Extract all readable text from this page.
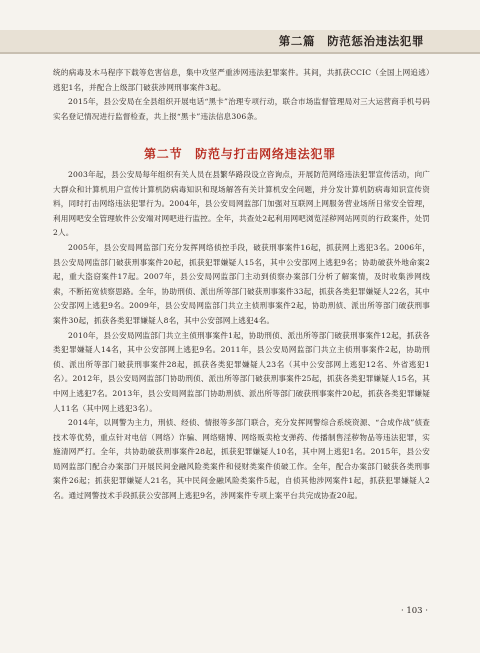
第二篇　防范惩治违法犯罪

统的病毒及木马程序下载等危害信息，集中攻坚严重涉网违法犯罪案件。其间，共抓获CCIC（全国上网追逃）逃犯1名，并配合上级部门破获涉网刑事案件3起。

2015年，县公安局在全县组织开展电话“黑卡”治理专项行动，联合市场监督管理局对三大运营商手机号码实名登记情况进行监督检查，共上报“黑卡”违法信息306条。

第二节　防范与打击网络违法犯罪

2003年起，县公安局每年组织有关人员在县繁华路段设立咨询点，开展防范网络违法犯罪宣传活动，向广大群众和计算机用户宣传计算机防病毒知识和现场解答有关计算机安全问题，并分发计算机防病毒知识宣传资料，同时打击网络违法犯罪行为。2004年，县公安局网监部门加强对互联网上网服务营业场所日常安全管理，利用网吧安全管理软件公安端对网吧进行监控。全年，共查处2起利用网吧浏览淫秽网站网页的行政案件，处罚2人。

2005年，县公安局网监部门充分发挥网络侦控手段，破获刑事案件16起，抓获网上逃犯3名。2006年，县公安局网监部门破获刑事案件20起，抓获犯罪嫌疑人15名，其中公安部网上逃犯9名；协助破获外地命案2起，重大盗窃案件17起。2007年，县公安局网监部门主动到侦察办案部门分析了解案情，及时收集涉网线索，不断拓宽侦察思路。全年，协助刑侦、派出所等部门破获刑事案件33起，抓获各类犯罪嫌疑人22名，其中公安部网上逃犯9名。2009年，县公安局网监部门共立主侦刑事案件2起，协助刑侦、派出所等部门破获刑事案件30起，抓获各类犯罪嫌疑人8名，其中公安部网上逃犯4名。

2010年，县公安局网监部门共立主侦刑事案件1起，协助刑侦、派出所等部门破获刑事案件12起，抓获各类犯罪嫌疑人14名，其中公安部网上逃犯9名。2011年，县公安局网监部门共立主侦刑事案件2起，协助刑侦、派出所等部门破获刑事案件28起，抓获各类犯罪嫌疑人23名（其中公安部网上逃犯12名、外省逃犯1名）。2012年，县公安局网监部门协助刑侦、派出所等部门破获刑事案件25起，抓获各类犯罪嫌疑人15名，其中网上逃犯7名。2013年，县公安局网监部门协助刑侦、派出所等部门破获刑事案件20起，抓获各类犯罪嫌疑人11名（其中网上逃犯3名）。

2014年，以网警为主力，刑侦、经侦、情报等多部门联合，充分发挥网警综合系统资源、“合成作战”侦查技术等优势，重点针对电信（网络）诈骗、网络赌博、网络贩卖枪支弹药、传播制售淫秽物品等违法犯罪，实施清网严打。全年，共协助破获刑事案件28起，抓获犯罪嫌疑人10名，其中网上逃犯1名。2015年，县公安局网监部门配合办案部门开展民间金融风险类案件和侵财类案件侦破工作。全年，配合办案部门破获各类刑事案件26起；抓获犯罪嫌疑人21名，其中民间金融风险类案件5起，自侦其他涉网案件1起，抓获犯罪嫌疑人2名。通过网警技术手段抓获公安部网上逃犯9名，涉网案件专项上案平台共完成协查20起。

· 103 ·
